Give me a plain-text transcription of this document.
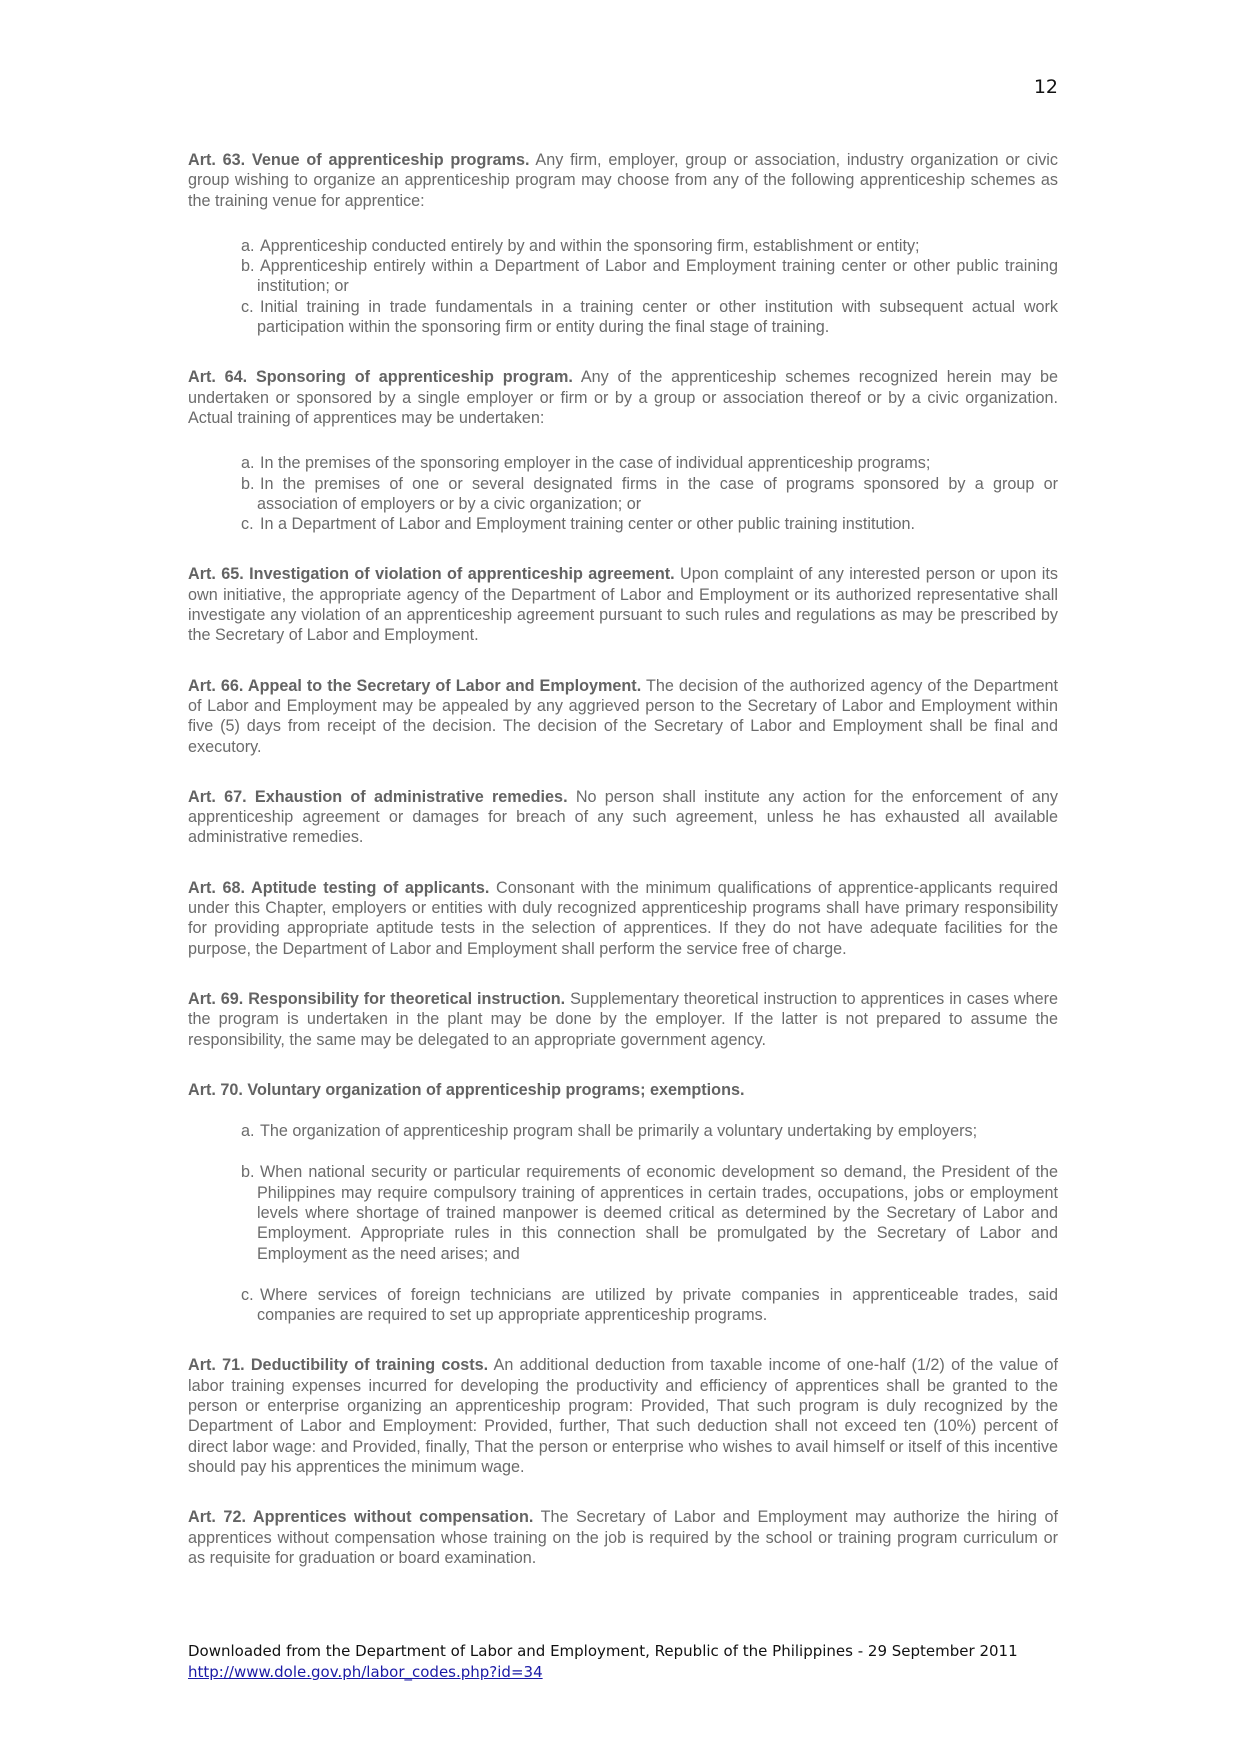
12

Art. 63. Venue of apprenticeship programs. Any firm, employer, group or association, industry organization or civic group wishing to organize an apprenticeship program may choose from any of the following apprenticeship schemes as the training venue for apprentice:

a. Apprenticeship conducted entirely by and within the sponsoring firm, establishment or entity;
b. Apprenticeship entirely within a Department of Labor and Employment training center or other public training institution; or
c. Initial training in trade fundamentals in a training center or other institution with subsequent actual work participation within the sponsoring firm or entity during the final stage of training.

Art. 64. Sponsoring of apprenticeship program. Any of the apprenticeship schemes recognized herein may be undertaken or sponsored by a single employer or firm or by a group or association thereof or by a civic organization. Actual training of apprentices may be undertaken:

a. In the premises of the sponsoring employer in the case of individual apprenticeship programs;
b. In the premises of one or several designated firms in the case of programs sponsored by a group or association of employers or by a civic organization; or
c. In a Department of Labor and Employment training center or other public training institution.

Art. 65. Investigation of violation of apprenticeship agreement. Upon complaint of any interested person or upon its own initiative, the appropriate agency of the Department of Labor and Employment or its authorized representative shall investigate any violation of an apprenticeship agreement pursuant to such rules and regulations as may be prescribed by the Secretary of Labor and Employment.

Art. 66. Appeal to the Secretary of Labor and Employment. The decision of the authorized agency of the Department of Labor and Employment may be appealed by any aggrieved person to the Secretary of Labor and Employment within five (5) days from receipt of the decision. The decision of the Secretary of Labor and Employment shall be final and executory.

Art. 67. Exhaustion of administrative remedies. No person shall institute any action for the enforcement of any apprenticeship agreement or damages for breach of any such agreement, unless he has exhausted all available administrative remedies.

Art. 68. Aptitude testing of applicants. Consonant with the minimum qualifications of apprentice-applicants required under this Chapter, employers or entities with duly recognized apprenticeship programs shall have primary responsibility for providing appropriate aptitude tests in the selection of apprentices. If they do not have adequate facilities for the purpose, the Department of Labor and Employment shall perform the service free of charge.

Art. 69. Responsibility for theoretical instruction. Supplementary theoretical instruction to apprentices in cases where the program is undertaken in the plant may be done by the employer. If the latter is not prepared to assume the responsibility, the same may be delegated to an appropriate government agency.

Art. 70. Voluntary organization of apprenticeship programs; exemptions.

a. The organization of apprenticeship program shall be primarily a voluntary undertaking by employers;
b. When national security or particular requirements of economic development so demand, the President of the Philippines may require compulsory training of apprentices in certain trades, occupations, jobs or employment levels where shortage of trained manpower is deemed critical as determined by the Secretary of Labor and Employment. Appropriate rules in this connection shall be promulgated by the Secretary of Labor and Employment as the need arises; and
c. Where services of foreign technicians are utilized by private companies in apprenticeable trades, said companies are required to set up appropriate apprenticeship programs.

Art. 71. Deductibility of training costs. An additional deduction from taxable income of one-half (1/2) of the value of labor training expenses incurred for developing the productivity and efficiency of apprentices shall be granted to the person or enterprise organizing an apprenticeship program: Provided, That such program is duly recognized by the Department of Labor and Employment: Provided, further, That such deduction shall not exceed ten (10%) percent of direct labor wage: and Provided, finally, That the person or enterprise who wishes to avail himself or itself of this incentive should pay his apprentices the minimum wage.

Art. 72. Apprentices without compensation. The Secretary of Labor and Employment may authorize the hiring of apprentices without compensation whose training on the job is required by the school or training program curriculum or as requisite for graduation or board examination.

Downloaded from the Department of Labor and Employment, Republic of the Philippines - 29 September 2011
http://www.dole.gov.ph/labor_codes.php?id=34
